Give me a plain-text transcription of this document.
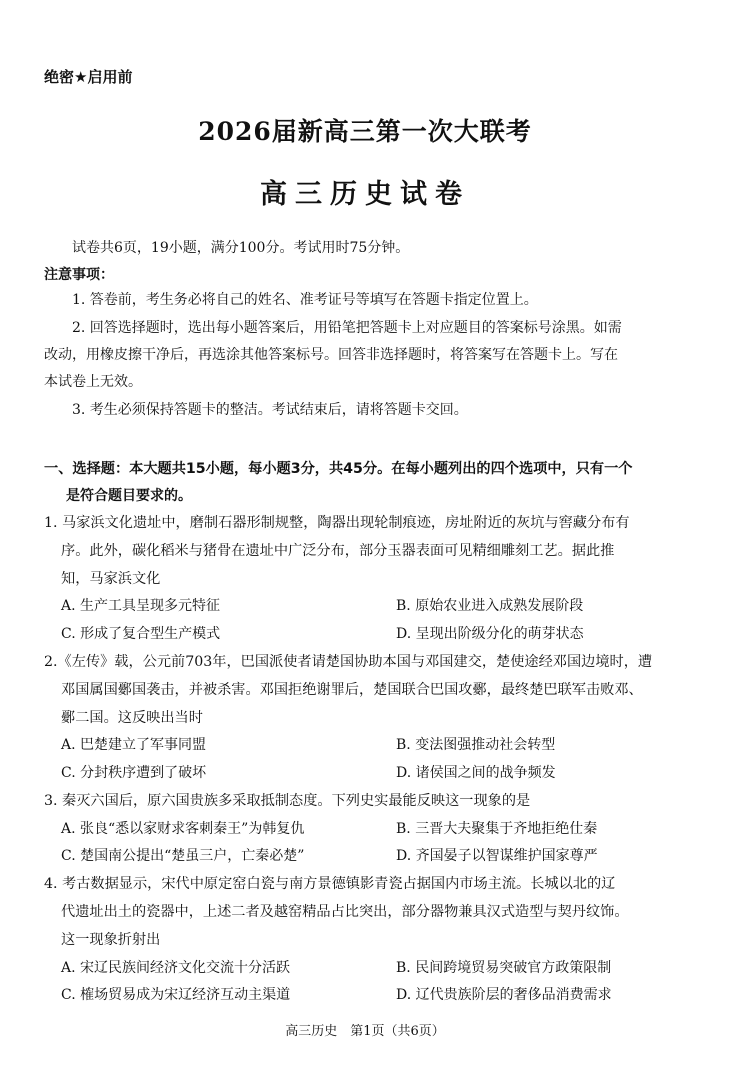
绝密★启用前
2026届新高三第一次大联考
高三历史试卷
试卷共6页，19小题，满分100分。考试用时75分钟。
注意事项：
1. 答卷前，考生务必将自己的姓名、准考证号等填写在答题卡指定位置上。
2. 回答选择题时，选出每小题答案后，用铅笔把答题卡上对应题目的答案标号涂黑。如需
改动，用橡皮擦干净后，再选涂其他答案标号。回答非选择题时，将答案写在答题卡上。写在
本试卷上无效。
3. 考生必须保持答题卡的整洁。考试结束后，请将答题卡交回。
一、选择题：本大题共15小题，每小题3分，共45分。在每小题列出的四个选项中，只有一个
是符合题目要求的。
1. 马家浜文化遗址中，磨制石器形制规整，陶器出现轮制痕迹，房址附近的灰坑与窖藏分布有
序。此外，碳化稻米与猪骨在遗址中广泛分布，部分玉器表面可见精细雕刻工艺。据此推
知，马家浜文化
A. 生产工具呈现多元特征	B. 原始农业进入成熟发展阶段
C. 形成了复合型生产模式	D. 呈现出阶级分化的萌芽状态
2.《左传》载，公元前703年，巴国派使者请楚国协助本国与邓国建交，楚使途经邓国边境时，遭
邓国属国鄾国袭击，并被杀害。邓国拒绝谢罪后，楚国联合巴国攻鄾，最终楚巴联军击败邓、
鄾二国。这反映出当时
A. 巴楚建立了军事同盟	B. 变法图强推动社会转型
C. 分封秩序遭到了破坏	D. 诸侯国之间的战争频发
3. 秦灭六国后，原六国贵族多采取抵制态度。下列史实最能反映这一现象的是
A. 张良“悉以家财求客刺秦王”为韩复仇	B. 三晋大夫聚集于齐地拒绝仕秦
C. 楚国南公提出“楚虽三户，亡秦必楚”	D. 齐国晏子以智谋维护国家尊严
4. 考古数据显示，宋代中原定窑白瓷与南方景德镇影青瓷占据国内市场主流。长城以北的辽
代遗址出土的瓷器中，上述二者及越窑精品占比突出，部分器物兼具汉式造型与契丹纹饰。
这一现象折射出
A. 宋辽民族间经济文化交流十分活跃	B. 民间跨境贸易突破官方政策限制
C. 榷场贸易成为宋辽经济互动主渠道	D. 辽代贵族阶层的奢侈品消费需求
高三历史　第1页（共6页）
